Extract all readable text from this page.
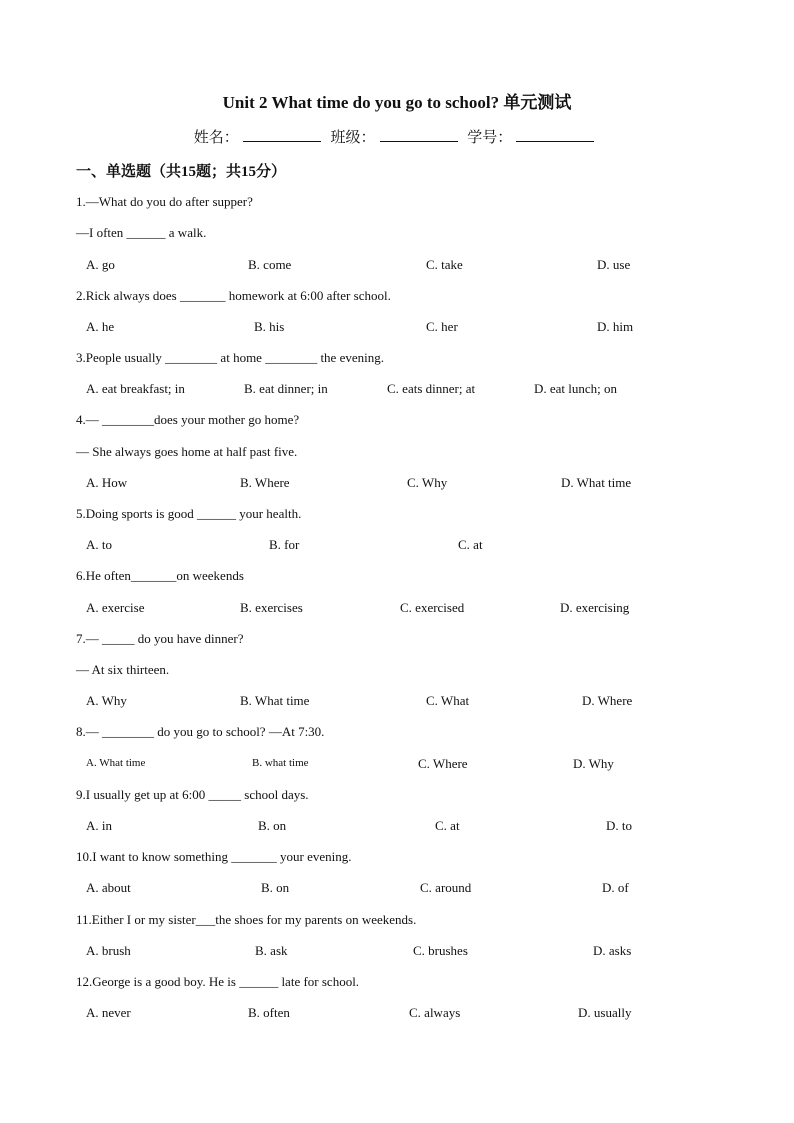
Unit 2 What time do you go to school? 单元测试
姓名：	班级：	学号：
一、单选题（共15题；共15分）
1.—What do you do after supper?
—I often ______ a walk.
A. go	B. come	C. take	D. use
2.Rick always does _______ homework at 6:00 after school.
A. he	B. his	C. her	D. him
3.People usually ________ at home ________ the evening.
A. eat breakfast; in	B. eat dinner; in	C. eats dinner; at	D. eat lunch; on
4.— ________does your mother go home?
— She always goes home at half past five.
A. How	B. Where	C. Why	D. What time
5.Doing sports is good ______ your health.
A. to	B. for	C. at
6.He often_______on weekends
A. exercise	B. exercises	C. exercised	D. exercising
7.— _____ do you have dinner?
— At six thirteen.
A. Why	B. What time	C. What	D. Where
8.— ________ do you go to school? —At 7:30.
A. What time	B. what time	C. Where	D. Why
9.I usually get up at 6:00 _____ school days.
A. in	B. on	C. at	D. to
10.I want to know something _______ your evening.
A. about	B. on	C. around	D. of
11.Either I or my sister___the shoes for my parents on weekends.
A. brush	B. ask	C. brushes	D. asks
12.George is a good boy. He is ______ late for school.
A. never	B. often	C. always	D. usually
